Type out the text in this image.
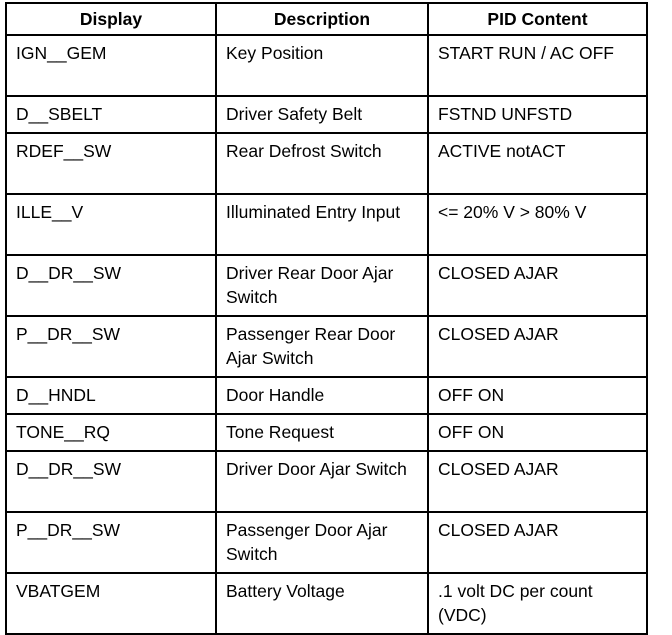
Display	Description	PID Content
IGN__GEM	Key Position	START RUN / AC OFF
D__SBELT	Driver Safety Belt	FSTND UNFSTD
RDEF__SW	Rear Defrost Switch	ACTIVE notACT
ILLE__V	Illuminated Entry Input	<= 20% V > 80% V
D__DR__SW	Driver Rear Door Ajar Switch	CLOSED AJAR
P__DR__SW	Passenger Rear Door Ajar Switch	CLOSED AJAR
D__HNDL	Door Handle	OFF ON
TONE__RQ	Tone Request	OFF ON
D__DR__SW	Driver Door Ajar Switch	CLOSED AJAR
P__DR__SW	Passenger Door Ajar Switch	CLOSED AJAR
VBATGEM	Battery Voltage	.1 volt DC per count (VDC)
